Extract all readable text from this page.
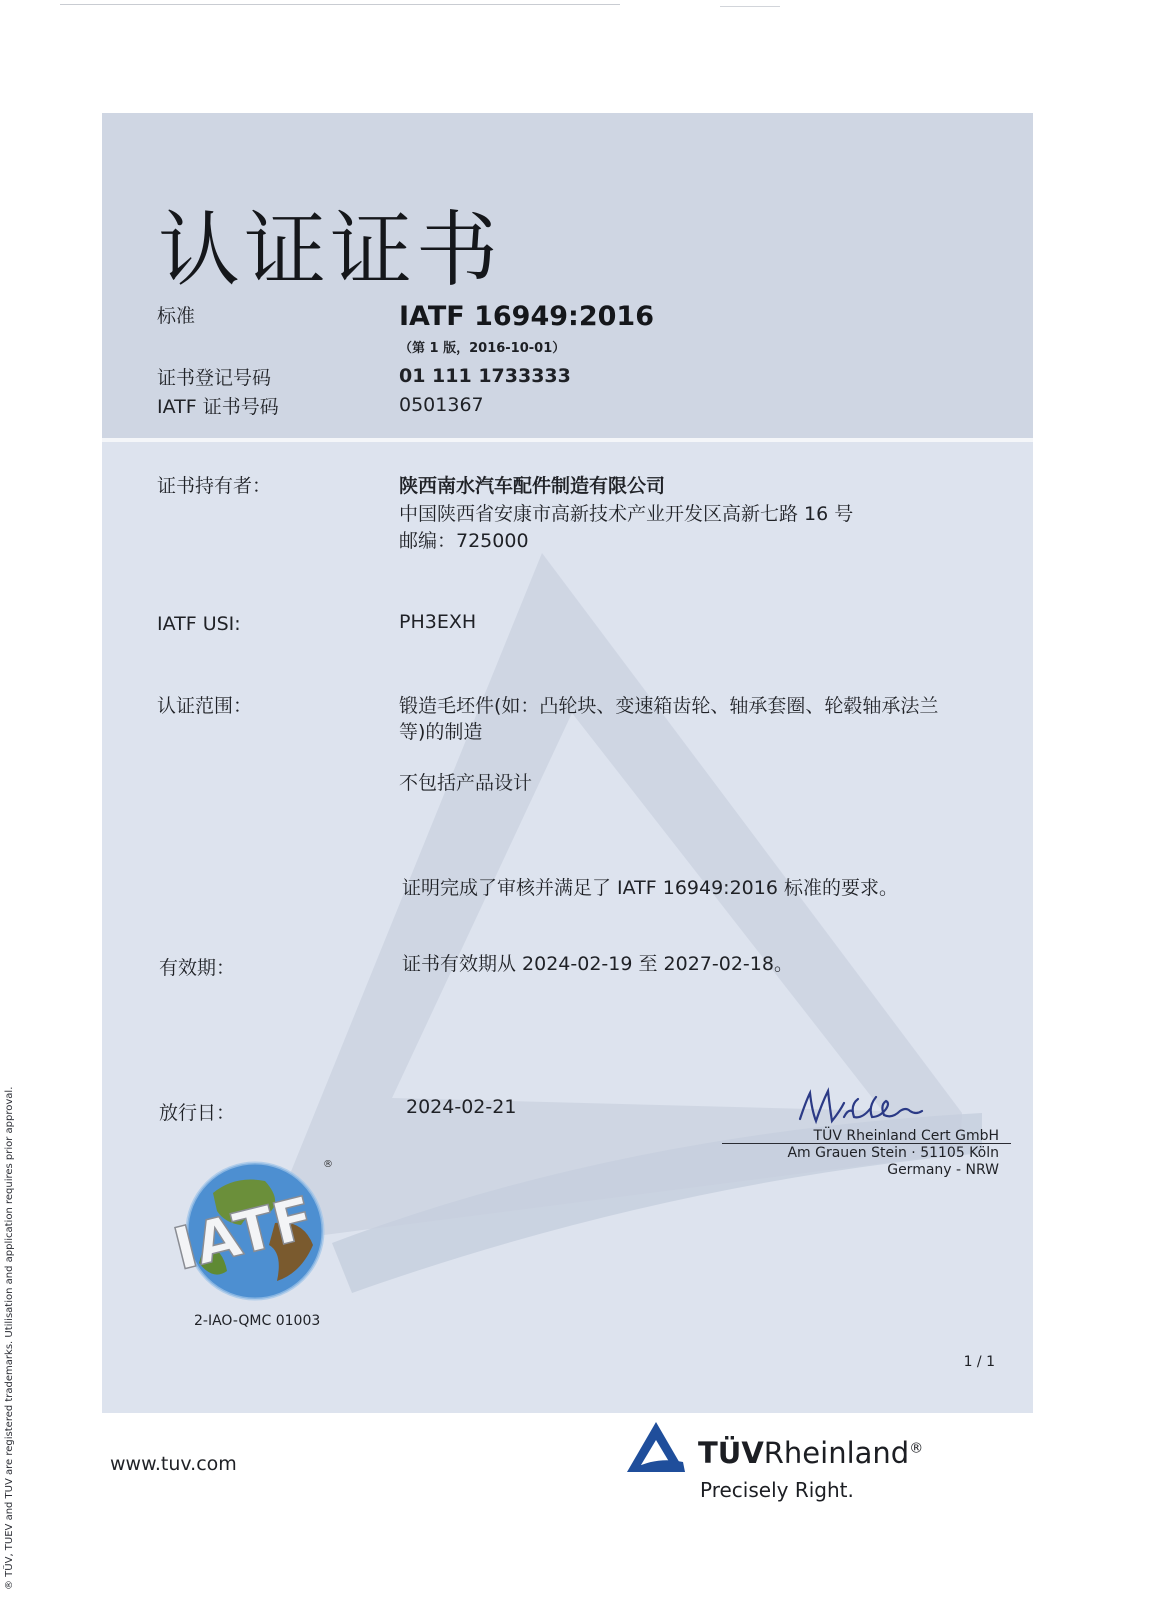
认证证书
标准	IATF 16949:2016
（第 1 版，2016-10-01）
证书登记号码	01 111 1733333
IATF 证书号码	0501367
证书持有者：	陕西南水汽车配件制造有限公司
中国陕西省安康市高新技术产业开发区高新七路 16 号
邮编：725000
IATF USI:	PH3EXH
认证范围：	锻造毛坯件(如：凸轮块、变速箱齿轮、轴承套圈、轮毂轴承法兰
等)的制造
不包括产品设计
证明完成了审核并满足了 IATF 16949:2016 标准的要求。
有效期：	证书有效期从 2024-02-19 至 2027-02-18。
放行日：	2024-02-21
TÜV Rheinland Cert GmbH
Am Grauen Stein · 51105 Köln
Germany - NRW
IATF
®
2-IAO-QMC 01003
1 / 1
www.tuv.com	TÜVRheinland®
Precisely Right.
® TÜV, TUEV and TUV are registered trademarks. Utilisation and application requires prior approval.
